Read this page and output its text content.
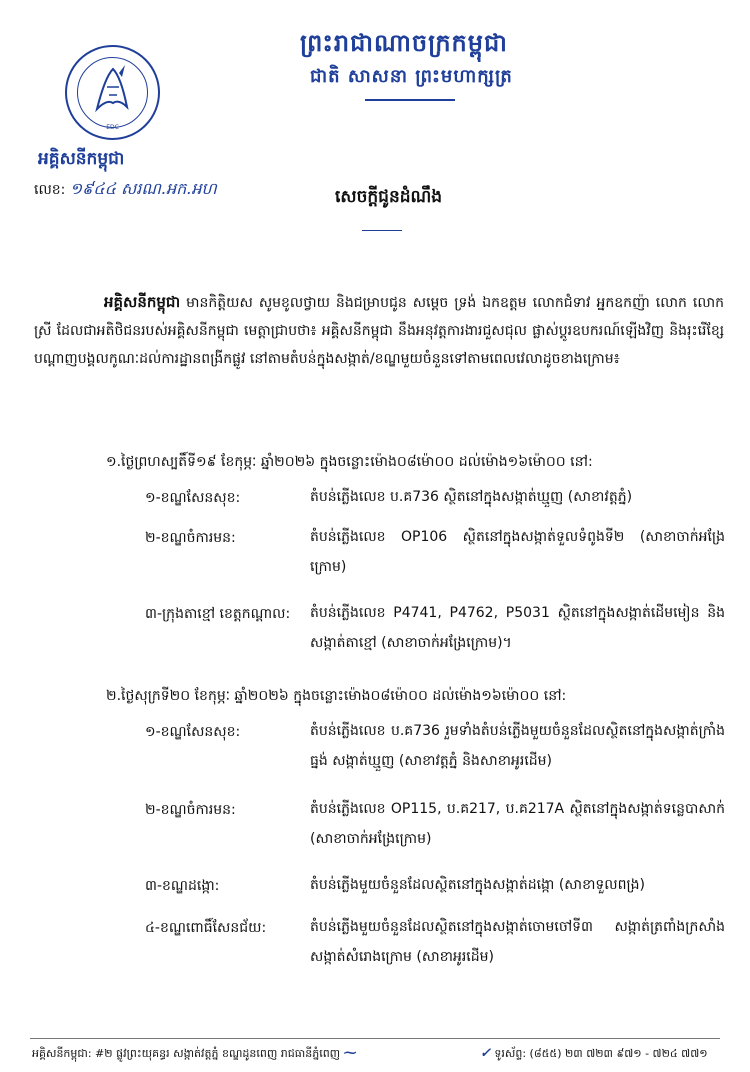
EDC
ព្រះរាជាណាចក្រកម្ពុជា
ជាតិ សាសនា ព្រះមហាក្សត្រ
អគ្គិសនីកម្ពុជា
លេខ: ១៩៤៤ សរណ.អក.អហ	សេចក្តីជូនដំណឹង
អគ្គិសនីកម្ពុជា មានកិត្តិយស សូមខូលថ្វាយ និងជម្រាបជូន សម្តេច ទ្រង់ ឯកឧត្តម លោកជំទាវ អ្នកឧកញ៉ា លោក លោកស្រី ដែលជាអតិថិជនរបស់អគ្គិសនីកម្ពុជា មេត្តាជ្រាបថា៖ អគ្គិសនីកម្ពុជា នឹងអនុវត្តការងារជួសជុល ផ្លាស់ប្តូរឧបករណ៍ឡើងវិញ និងរុះរើខ្សែបណ្តាញបង្គលកូណៈដល់ការដ្ឋានពង្រីកផ្លូវ នៅតាមតំបន់ក្នុងសង្កាត់/ខណ្ឌមួយចំនួនទៅតាមពេលវេលាដូចខាងក្រោម៖
១.ថ្ងៃព្រហស្បតិ៍ទី១៩ ខែកុម្ភៈ ឆ្នាំ២០២៦ ក្នុងចន្លោះម៉ោង០៨ម៉ោ០០ ដល់ម៉ោង១៦ម៉ោ០០ នៅ:
១-ខណ្ឌសែនសុខ:	តំបន់ភ្លើងលេខ ប.គ736 ស្ថិតនៅក្នុងសង្កាត់ឃ្មួញ (សាខាវត្តភ្នំ)
២-ខណ្ឌចំការមន:	តំបន់ភ្លើងលេខ OP106 ស្ថិតនៅក្នុងសង្កាត់ទួលទំពូងទី២ (សាខាចាក់អង្រែក្រោម)
៣-ក្រុងតាខ្មៅ ខេត្តកណ្តាល: តំបន់ភ្លើងលេខ P4741, P4762, P5031 ស្ថិតនៅក្នុងសង្កាត់ដើមមៀន និងសង្កាត់តាខ្មៅ (សាខាចាក់អង្រែក្រោម)។
២.ថ្ងៃសុក្រទី២០ ខែកុម្ភៈ ឆ្នាំ២០២៦ ក្នុងចន្លោះម៉ោង០៨ម៉ោ០០ ដល់ម៉ោង១៦ម៉ោ០០ នៅ:
១-ខណ្ឌសែនសុខ:	តំបន់ភ្លើងលេខ ប.គ736 រួមទាំងតំបន់ភ្លើងមួយចំនួនដែលស្ថិតនៅក្នុងសង្កាត់ក្រាំងធ្នង់ សង្កាត់ឃ្មួញ (សាខាវត្តភ្នំ និងសាខាអូរដើម)
២-ខណ្ឌចំការមន:	តំបន់ភ្លើងលេខ OP115, ប.គ217, ប.គ217A ស្ថិតនៅក្នុងសង្កាត់ទន្លេបាសាក់ (សាខាចាក់អង្រែក្រោម)
៣-ខណ្ឌដង្កោ:	តំបន់ភ្លើងមួយចំនួនដែលស្ថិតនៅក្នុងសង្កាត់ដង្កោ (សាខាទួលពង្រ)
៤-ខណ្ឌពោធិ៍សែនជ័យ:	តំបន់ភ្លើងមួយចំនួនដែលស្ថិតនៅក្នុងសង្កាត់ចោមចៅទី៣ សង្កាត់ត្រពាំងក្រសាំង សង្កាត់សំរោងក្រោម (សាខាអូរដើម)
អគ្គិសនីកម្ពុជា: #២ ផ្លូវព្រះយុគន្ធរ សង្កាត់វត្តភ្នំ ខណ្ឌដូនពេញ រាជធានីភ្នំពេញ ⁓	✓ ទូរស័ព្ទ: (៨៥៥) ២៣ ៧២៣ ៩៧១ - ៧២៤ ៧៧១
